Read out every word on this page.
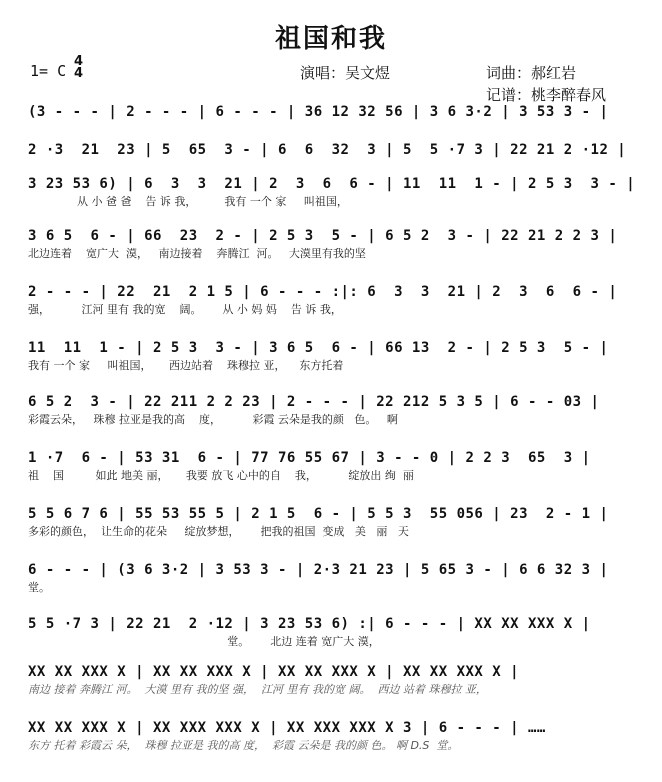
祖国和我
1= C
4
4	演唱：吴文煜	词曲：郝红岩
记谱：桃李醉春风
(3 - - - | 2 - - - | 6 - - - | 36 12 32 56 | 3 6 3·2 | 3 53 3 - |
2 ·3  21  23 | 5  65  3 - | 6  6  32  3 | 5  5 ·7 3 | 22 21 2 ·12 |
3 23 53 6) | 6  3  3  21 | 2  3  6  6 - | 11  11  1 - | 2 5 3  3 - |
从 小 爸 爸    告 诉 我，        我有 一个 家     叫祖国，
3 6 5  6 - | 66  23  2 - | 2 5 3  5 - | 6 5 2  3 - | 22 21 2 2 3 |
北边连着    宽广大  漠，   南边接着    奔腾江  河。   大漠里有我的坚
2 - - - | 22  21  2 1 5 | 6 - - - :|: 6  3  3  21 | 2  3  6  6 - |
强，         江河 里有 我的宽    阔。      从 小 妈 妈    告 诉 我，
11  11  1 - | 2 5 3  3 - | 3 6 5  6 - | 66 13  2 - | 2 5 3  5 - |
我有 一个 家     叫祖国，     西边站着    珠穆拉 亚，    东方托着
6 5 2  3 - | 22 211 2 2 23 | 2 - - - | 22 212 5 3 5 | 6 - - 03 |
彩霞云朵，   珠穆 拉亚是我的高    度，         彩霞 云朵是我的颜   色。   啊
1 ·7  6 - | 53 31  6 - | 77 76 55 67 | 3 - - 0 | 2 2 3  65  3 |
祖    国         如此 地美 丽，     我要 放飞 心中的自    我，         绽放出 绚  丽
5 5 6 7 6 | 55 53 55 5 | 2 1 5  6 - | 5 5 3  55 056 | 23  2 - 1 |
多彩的颜色，  让生命的花朵     绽放梦想，      把我的祖国  变成   美   丽   天
6 - - - | (3 6 3·2 | 3 53 3 - | 2·3 21 23 | 5 65 3 - | 6 6 32 3 |
堂。
5 5 ·7 3 | 22 21  2 ·12 | 3 23 53 6) :| 6 - - - | XX XX XXX X |
堂。      北边 连着 宽广大 漠，
XX XX XXX X | XX XX XXX X | XX XX XXX X | XX XX XXX X |
南边 接着 奔腾江 河。  大漠 里有 我的坚 强，  江河 里有 我的宽 阔。  西边 站着 珠穆拉 亚，
XX XX XXX X | XX XXX XXX X | XX XXX XXX X 3 | 6 - - - | ……
东方 托着 彩霞云 朵，  珠穆 拉亚是 我的高 度，  彩霞 云朵是 我的颜 色。 啊 D.S  堂。
